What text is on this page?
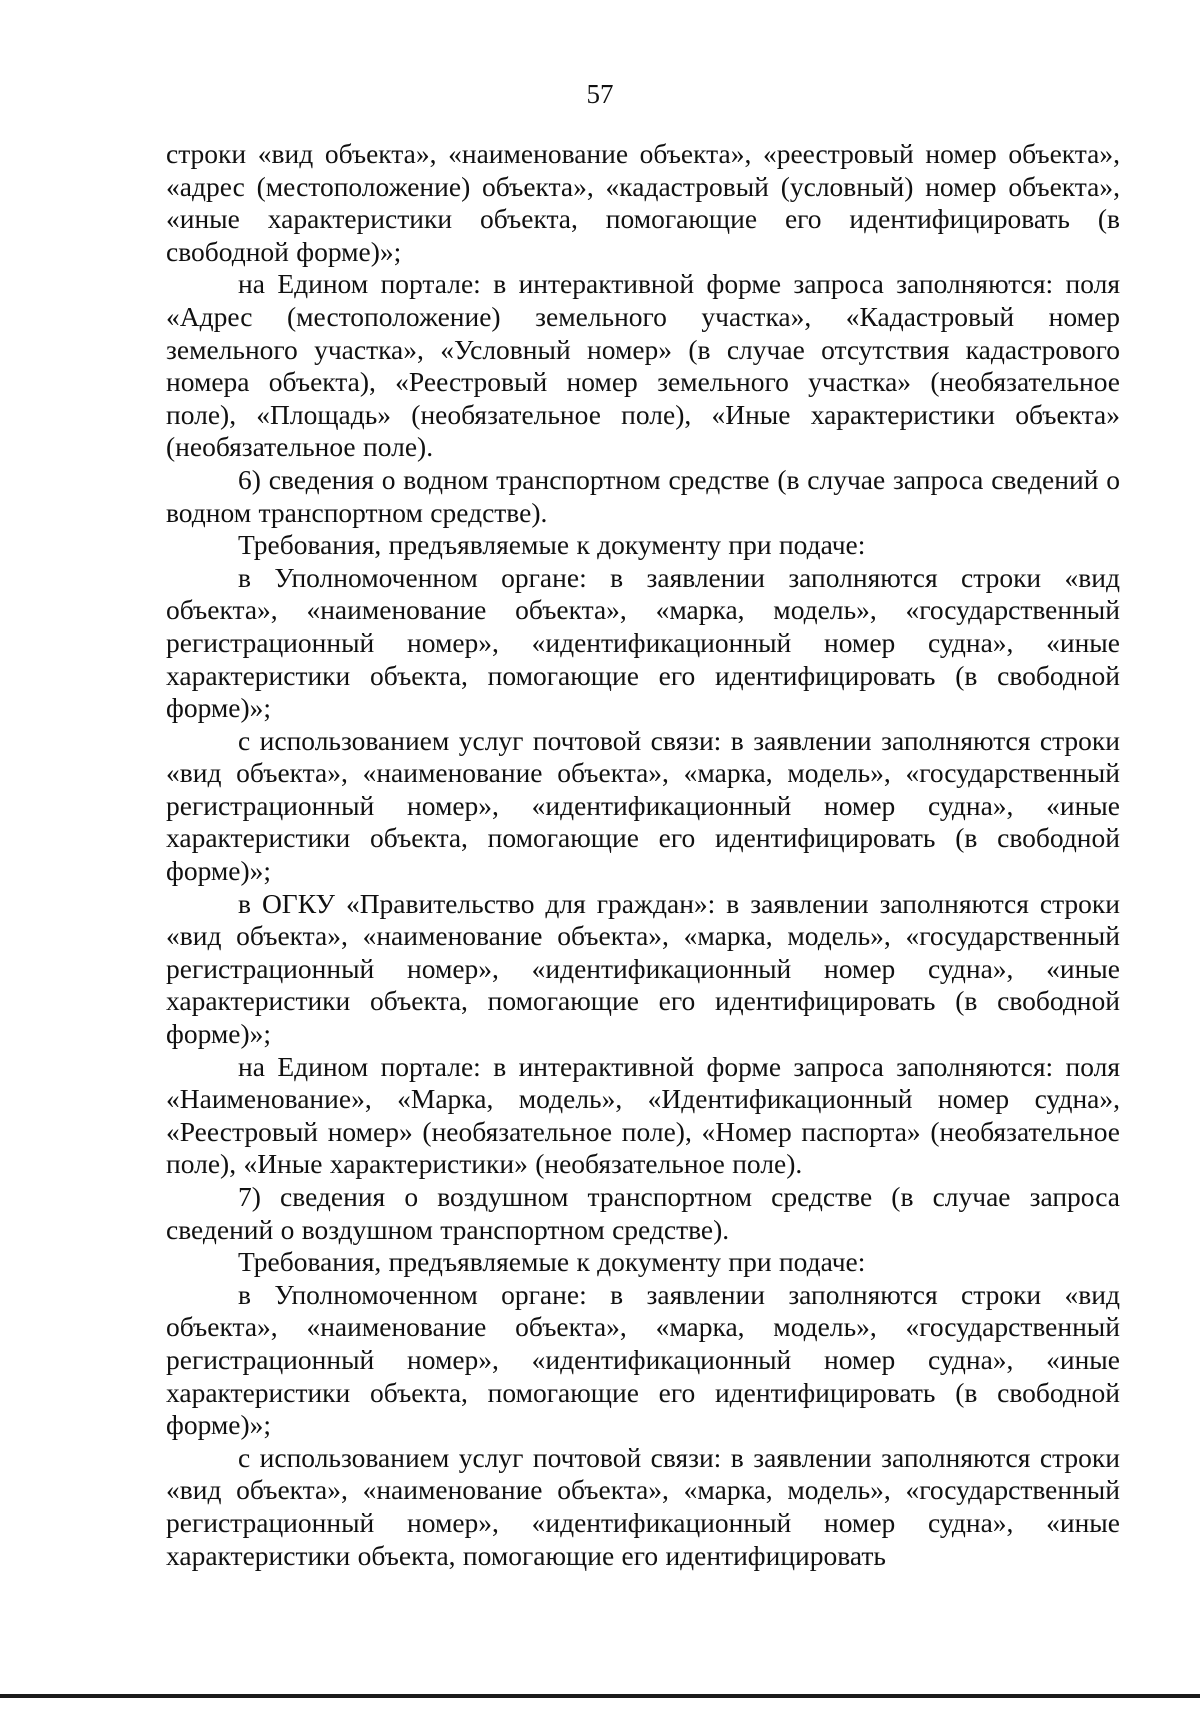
57

строки «вид объекта», «наименование объекта», «реестровый номер объекта», «адрес (местоположение) объекта», «кадастровый (условный) номер объекта», «иные характеристики объекта, помогающие его идентифицировать (в свободной форме)»;

на Едином портале: в интерактивной форме запроса заполняются: поля «Адрес (местоположение) земельного участка», «Кадастровый номер земельного участка», «Условный номер» (в случае отсутствия кадастрового номера объекта), «Реестровый номер земельного участка» (необязательное поле), «Площадь» (необязательное поле), «Иные характеристики объекта» (необязательное поле).

6) сведения о водном транспортном средстве (в случае запроса сведений о водном транспортном средстве).

Требования, предъявляемые к документу при подаче:

в Уполномоченном органе: в заявлении заполняются строки «вид объекта», «наименование объекта», «марка, модель», «государственный регистрационный номер», «идентификационный номер судна», «иные характеристики объекта, помогающие его идентифицировать (в свободной форме)»;

с использованием услуг почтовой связи: в заявлении заполняются строки «вид объекта», «наименование объекта», «марка, модель», «государственный регистрационный номер», «идентификационный номер судна», «иные характеристики объекта, помогающие его идентифицировать (в свободной форме)»;

в ОГКУ «Правительство для граждан»: в заявлении заполняются строки «вид объекта», «наименование объекта», «марка, модель», «государственный регистрационный номер», «идентификационный номер судна», «иные характеристики объекта, помогающие его идентифицировать (в свободной форме)»;

на Едином портале: в интерактивной форме запроса заполняются: поля «Наименование», «Марка, модель», «Идентификационный номер судна», «Реестровый номер» (необязательное поле), «Номер паспорта» (необязательное поле), «Иные характеристики» (необязательное поле).

7) сведения о воздушном транспортном средстве (в случае запроса сведений о воздушном транспортном средстве).

Требования, предъявляемые к документу при подаче:

в Уполномоченном органе: в заявлении заполняются строки «вид объекта», «наименование объекта», «марка, модель», «государственный регистрационный номер», «идентификационный номер судна», «иные характеристики объекта, помогающие его идентифицировать (в свободной форме)»;

с использованием услуг почтовой связи: в заявлении заполняются строки «вид объекта», «наименование объекта», «марка, модель», «государственный регистрационный номер», «идентификационный номер судна», «иные характеристики объекта, помогающие его идентифицировать
